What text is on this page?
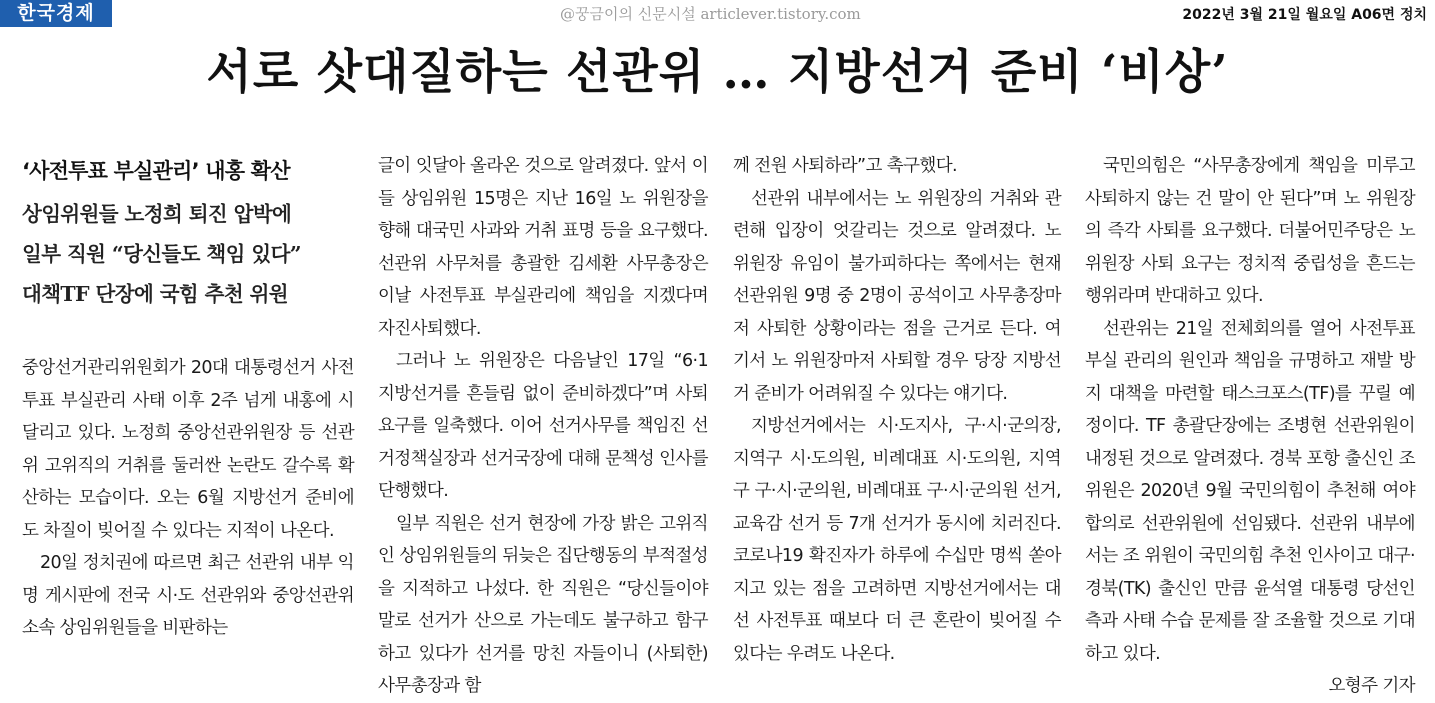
한국경제	@꿍금이의 신문시설 articlever.tistory.com	2022년 3월 21일 월요일 A06면 정치
서로 삿대질하는 선관위 … 지방선거 준비 ‘비상’
‘사전투표 부실관리’ 내홍 확산
상임위원들 노정희 퇴진 압박에
일부 직원 “당신들도 책임 있다”
대책TF 단장에 국힘 추천 위원

중앙선거관리위원회가 20대 대통령선거 사전투표 부실관리 사태 이후 2주 넘게 내홍에 시달리고 있다. 노정희 중앙선관위원장 등 선관위 고위직의 거취를 둘러싼 논란도 갈수록 확산하는 모습이다. 오는 6월 지방선거 준비에도 차질이 빚어질 수 있다는 지적이 나온다.

20일 정치권에 따르면 최근 선관위 내부 익명 게시판에 전국 시·도 선관위와 중앙선관위 소속 상임위원들을 비판하는

글이 잇달아 올라온 것으로 알려졌다. 앞서 이들 상임위원 15명은 지난 16일 노 위원장을 향해 대국민 사과와 거취 표명 등을 요구했다. 선관위 사무처를 총괄한 김세환 사무총장은 이날 사전투표 부실관리에 책임을 지겠다며 자진사퇴했다.

그러나 노 위원장은 다음날인 17일 “6·1 지방선거를 흔들림 없이 준비하겠다”며 사퇴 요구를 일축했다. 이어 선거사무를 책임진 선거정책실장과 선거국장에 대해 문책성 인사를 단행했다.

일부 직원은 선거 현장에 가장 밝은 고위직인 상임위원들의 뒤늦은 집단행동의 부적절성을 지적하고 나섰다. 한 직원은 “당신들이야말로 선거가 산으로 가는데도 불구하고 함구하고 있다가 선거를 망친 자들이니 (사퇴한) 사무총장과 함

께 전원 사퇴하라”고 촉구했다.

선관위 내부에서는 노 위원장의 거취와 관련해 입장이 엇갈리는 것으로 알려졌다. 노 위원장 유임이 불가피하다는 쪽에서는 현재 선관위원 9명 중 2명이 공석이고 사무총장마저 사퇴한 상황이라는 점을 근거로 든다. 여기서 노 위원장마저 사퇴할 경우 당장 지방선거 준비가 어려워질 수 있다는 얘기다.

지방선거에서는 시·도지사, 구·시·군의장, 지역구 시·도의원, 비례대표 시·도의원, 지역구 구·시·군의원, 비례대표 구·시·군의원 선거, 교육감 선거 등 7개 선거가 동시에 치러진다. 코로나19 확진자가 하루에 수십만 명씩 쏟아지고 있는 점을 고려하면 지방선거에서는 대선 사전투표 때보다 더 큰 혼란이 빚어질 수 있다는 우려도 나온다.

국민의힘은 “사무총장에게 책임을 미루고 사퇴하지 않는 건 말이 안 된다”며 노 위원장의 즉각 사퇴를 요구했다. 더불어민주당은 노 위원장 사퇴 요구는 정치적 중립성을 흔드는 행위라며 반대하고 있다.

선관위는 21일 전체회의를 열어 사전투표 부실 관리의 원인과 책임을 규명하고 재발 방지 대책을 마련할 태스크포스(TF)를 꾸릴 예정이다. TF 총괄단장에는 조병현 선관위원이 내정된 것으로 알려졌다. 경북 포항 출신인 조 위원은 2020년 9월 국민의힘이 추천해 여야 합의로 선관위원에 선임됐다. 선관위 내부에서는 조 위원이 국민의힘 추천 인사이고 대구·경북(TK) 출신인 만큼 윤석열 대통령 당선인 측과 사태 수습 문제를 잘 조율할 것으로 기대하고 있다.

오형주 기자
